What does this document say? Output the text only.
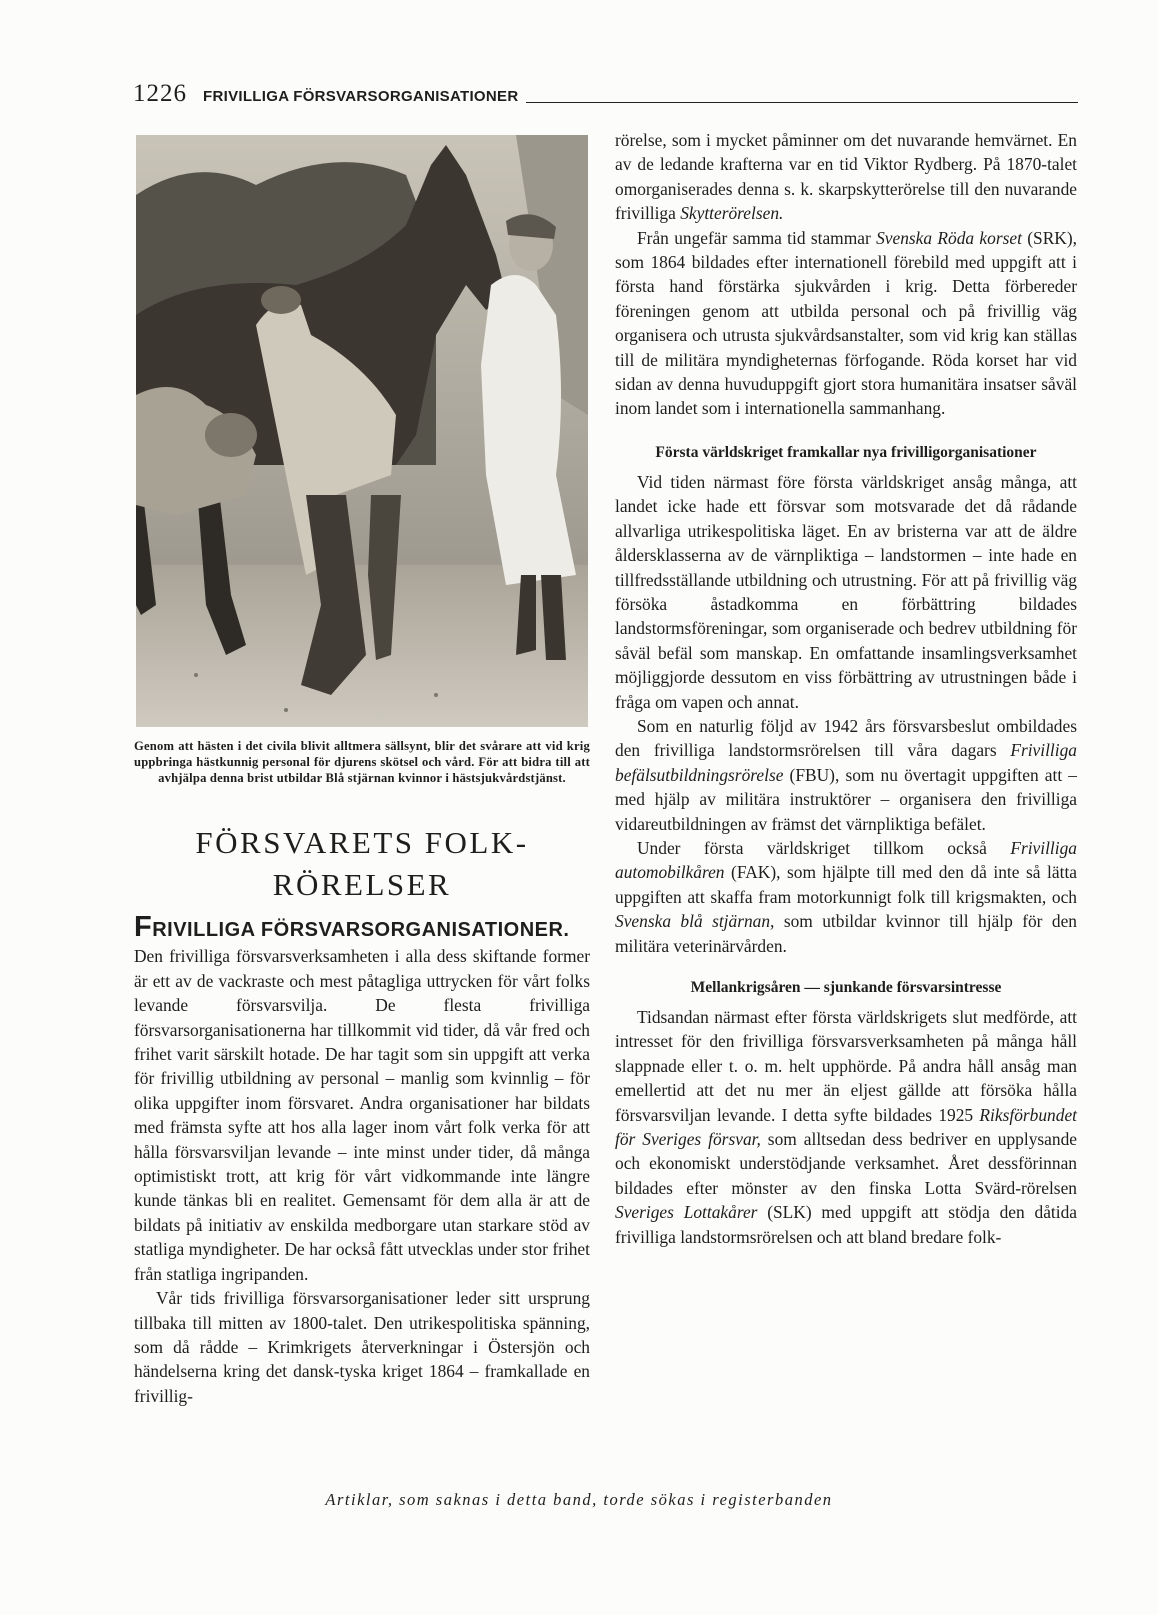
1226 FRIVILLIGA FÖRSVARSORGANISATIONER
Genom att hästen i det civila blivit alltmera sällsynt, blir det svårare att vid krig uppbringa hästkunnig personal för djurens skötsel och vård. För att bidra till att avhjälpa denna brist utbildar Blå stjärnan kvinnor i hästsjukvårdstjänst.
FÖRSVARETS FOLK-
RÖRELSER
FRIVILLIGA FÖRSVARSORGANISATIONER.

Den frivilliga försvarsverksamheten i alla dess skiftande former är ett av de vackraste och mest påtagliga uttrycken för vårt folks levande försvarsvilja. De flesta frivilliga försvarsorganisationerna har tillkommit vid tider, då vår fred och frihet varit särskilt hotade. De har tagit som sin uppgift att verka för frivillig utbildning av personal – manlig som kvinnlig – för olika uppgifter inom försvaret. Andra organisationer har bildats med främsta syfte att hos alla lager inom vårt folk verka för att hålla försvarsviljan levande – inte minst under tider, då många optimistiskt trott, att krig för vårt vidkommande inte längre kunde tänkas bli en realitet. Gemensamt för dem alla är att de bildats på initiativ av enskilda medborgare utan starkare stöd av statliga myndigheter. De har också fått utvecklas under stor frihet från statliga ingripanden.

Vår tids frivilliga försvarsorganisationer leder sitt ursprung tillbaka till mitten av 1800-talet. Den utrikespolitiska spänning, som då rådde – Krimkrigets återverkningar i Östersjön och händelserna kring det dansk-tyska kriget 1864 – framkallade en frivillig-

rörelse, som i mycket påminner om det nuvarande hemvärnet. En av de ledande krafterna var en tid Viktor Rydberg. På 1870-talet omorganiserades denna s. k. skarpskytterörelse till den nuvarande frivilliga Skytterörelsen.

Från ungefär samma tid stammar Svenska Röda korset (SRK), som 1864 bildades efter internationell förebild med uppgift att i första hand förstärka sjukvården i krig. Detta förbereder föreningen genom att utbilda personal och på frivillig väg organisera och utrusta sjukvårdsanstalter, som vid krig kan ställas till de militära myndigheternas förfogande. Röda korset har vid sidan av denna huvuduppgift gjort stora humanitära insatser såväl inom landet som i internationella sammanhang.

Första världskriget framkallar nya frivilligorganisationer

Vid tiden närmast före första världskriget ansåg många, att landet icke hade ett försvar som motsvarade det då rådande allvarliga utrikespolitiska läget. En av bristerna var att de äldre åldersklasserna av de värnpliktiga – landstormen – inte hade en tillfredsställande utbildning och utrustning. För att på frivillig väg försöka åstadkomma en förbättring bildades landstormsföreningar, som organiserade och bedrev utbildning för såväl befäl som manskap. En omfattande insamlingsverksamhet möjliggjorde dessutom en viss förbättring av utrustningen både i fråga om vapen och annat.

Som en naturlig följd av 1942 års försvarsbeslut ombildades den frivilliga landstormsrörelsen till våra dagars Frivilliga befälsutbildningsrörelse (FBU), som nu övertagit uppgiften att – med hjälp av militära instruktörer – organisera den frivilliga vidareutbildningen av främst det värnpliktiga befälet.

Under första världskriget tillkom också Frivilliga automobilkåren (FAK), som hjälpte till med den då inte så lätta uppgiften att skaffa fram motorkunnigt folk till krigsmakten, och Svenska blå stjärnan, som utbildar kvinnor till hjälp för den militära veterinärvården.

Mellankrigsåren — sjunkande försvarsintresse

Tidsandan närmast efter första världskrigets slut medförde, att intresset för den frivilliga försvarsverksamheten på många håll slappnade eller t. o. m. helt upphörde. På andra håll ansåg man emellertid att det nu mer än eljest gällde att försöka hålla försvarsviljan levande. I detta syfte bildades 1925 Riksförbundet för Sveriges försvar, som alltsedan dess bedriver en upplysande och ekonomiskt understödjande verksamhet. Året dessförinnan bildades efter mönster av den finska Lotta Svärd-rörelsen Sveriges Lottakårer (SLK) med uppgift att stödja den dåtida frivilliga landstormsrörelsen och att bland bredare folk-

Artiklar, som saknas i detta band, torde sökas i registerbanden
